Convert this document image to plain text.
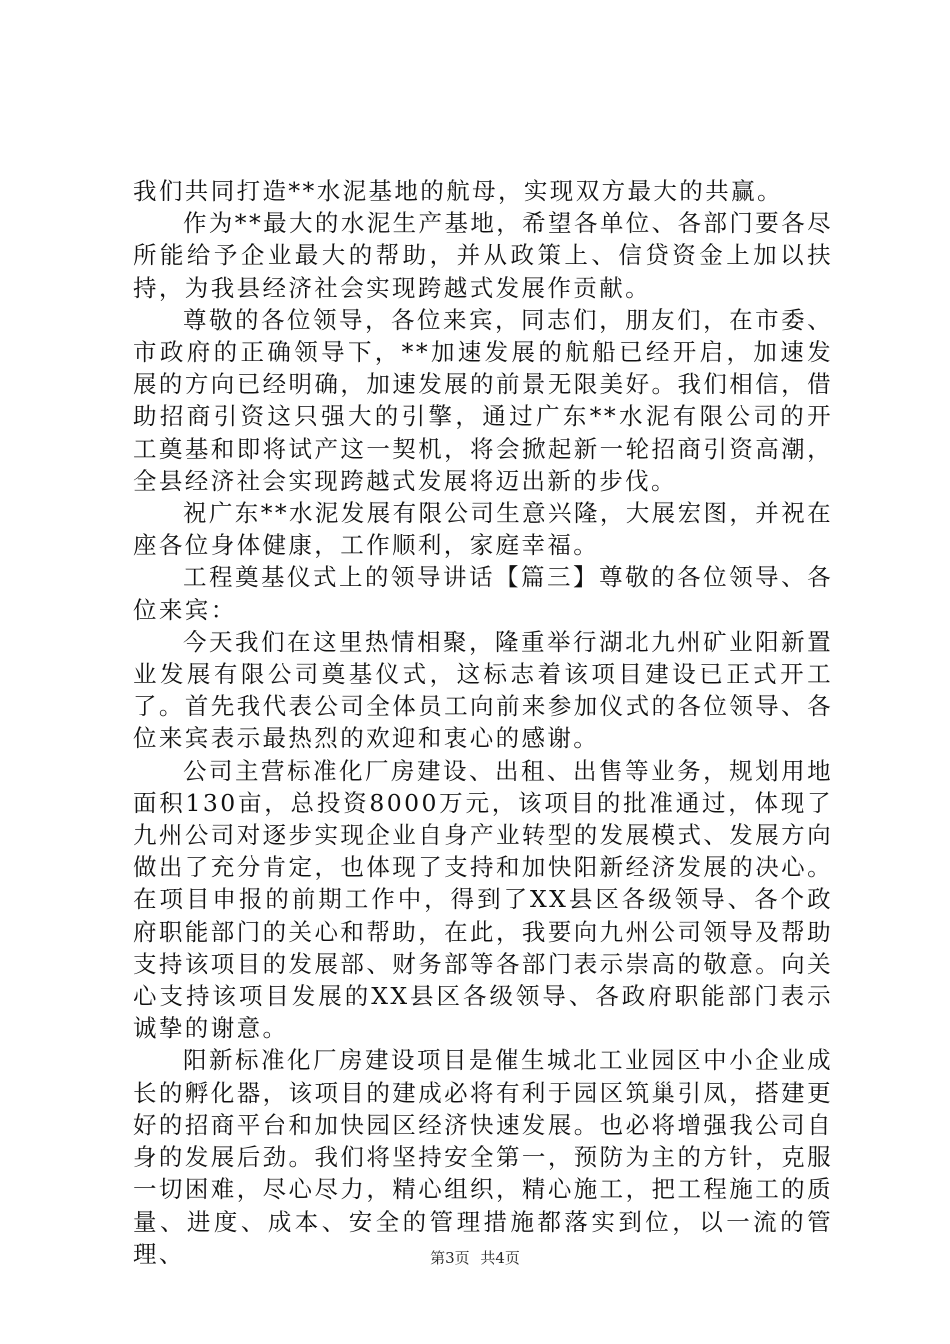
我们共同打造**水泥基地的航母，实现双方最大的共赢。

作为**最大的水泥生产基地，希望各单位、各部门要各尽所能给予企业最大的帮助，并从政策上、信贷资金上加以扶持，为我县经济社会实现跨越式发展作贡献。

尊敬的各位领导，各位来宾，同志们，朋友们，在市委、市政府的正确领导下，**加速发展的航船已经开启，加速发展的方向已经明确，加速发展的前景无限美好。我们相信，借助招商引资这只强大的引擎，通过广东**水泥有限公司的开工奠基和即将试产这一契机，将会掀起新一轮招商引资高潮，全县经济社会实现跨越式发展将迈出新的步伐。

祝广东**水泥发展有限公司生意兴隆，大展宏图，并祝在座各位身体健康，工作顺利，家庭幸福。

工程奠基仪式上的领导讲话【篇三】尊敬的各位领导、各位来宾：

今天我们在这里热情相聚，隆重举行湖北九州矿业阳新置业发展有限公司奠基仪式，这标志着该项目建设已正式开工了。首先我代表公司全体员工向前来参加仪式的各位领导、各位来宾表示最热烈的欢迎和衷心的感谢。

公司主营标准化厂房建设、出租、出售等业务，规划用地面积130亩，总投资8000万元，该项目的批准通过，体现了九州公司对逐步实现企业自身产业转型的发展模式、发展方向做出了充分肯定，也体现了支持和加快阳新经济发展的决心。在项目申报的前期工作中，得到了XX县区各级领导、各个政府职能部门的关心和帮助，在此，我要向九州公司领导及帮助支持该项目的发展部、财务部等各部门表示崇高的敬意。向关心支持该项目发展的XX县区各级领导、各政府职能部门表示诚挚的谢意。

阳新标准化厂房建设项目是催生城北工业园区中小企业成长的孵化器，该项目的建成必将有利于园区筑巢引凤，搭建更好的招商平台和加快园区经济快速发展。也必将增强我公司自身的发展后劲。我们将坚持安全第一，预防为主的方针，克服一切困难，尽心尽力，精心组织，精心施工，把工程施工的质量、进度、成本、安全的管理措施都落实到位，以一流的管理、	第3页 共4页
